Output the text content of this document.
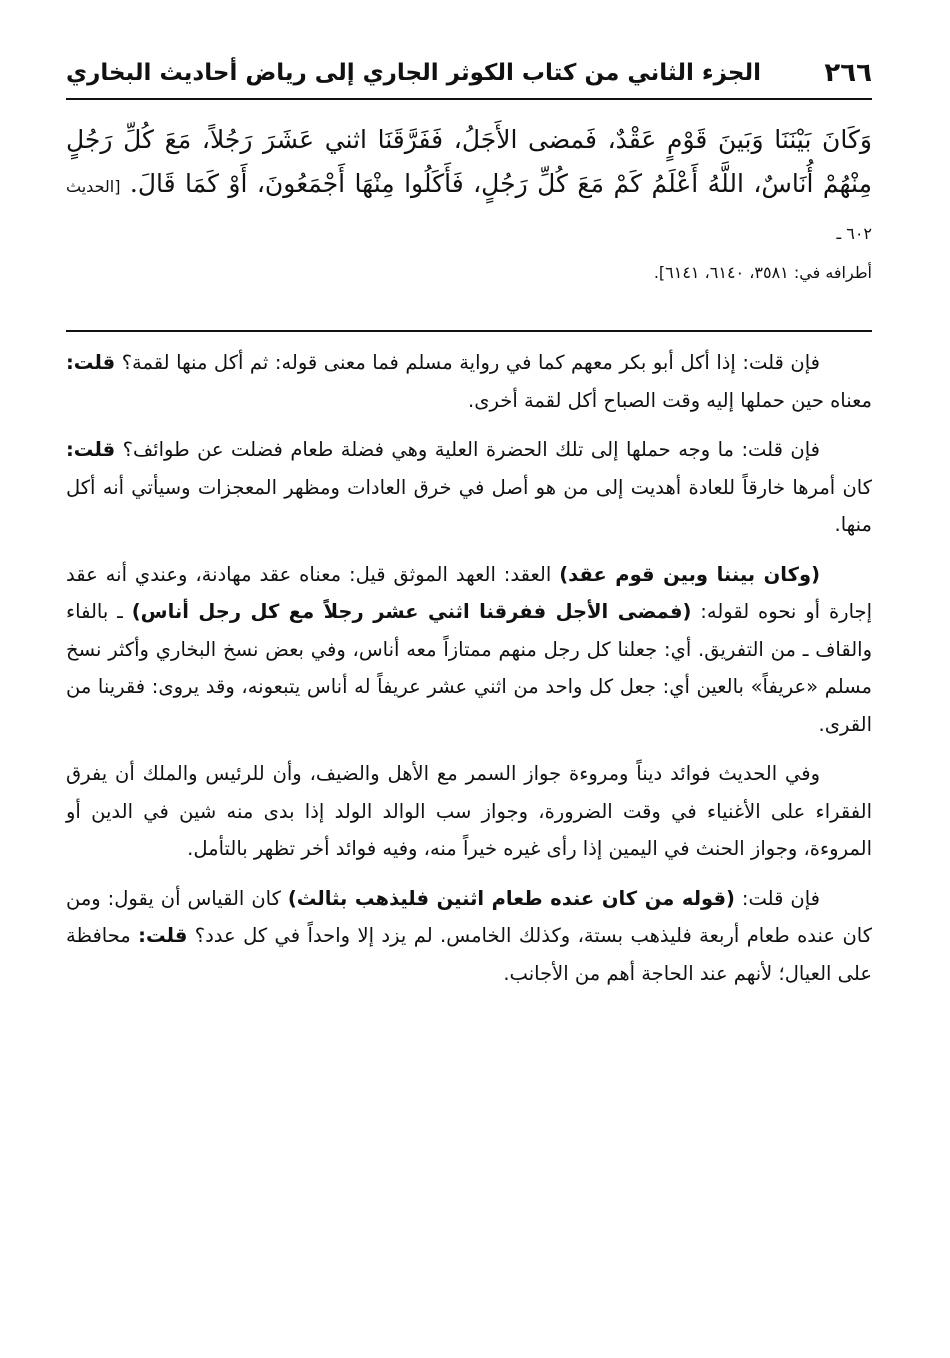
٢٦٦
الجزء الثاني من كتاب الكوثر الجاري إلى رياض أحاديث البخاري
وَكَانَ بَيْنَنَا وَبَينَ قَوْمٍ عَقْدٌ، فَمضى الأَجَلُ، فَفَرَّقَنَا اثني عَشَرَ رَجُلاً، مَعَ كُلِّ رَجُلٍ مِنْهُمْ أُنَاسٌ، اللَّهُ أَعْلَمُ كَمْ مَعَ كُلِّ رَجُلٍ، فَأَكَلُوا مِنْهَا أَجْمَعُونَ، أَوْ كَمَا قَالَ. [الحديث ٦٠٢ ـ
أطرافه في: ٣٥٨١، ٦١٤٠، ٦١٤١].

فإن قلت: إذا أكل أبو بكر معهم كما في رواية مسلم فما معنى قوله: ثم أكل منها لقمة؟ قلت: معناه حين حملها إليه وقت الصباح أكل لقمة أخرى.

فإن قلت: ما وجه حملها إلى تلك الحضرة العلية وهي فضلة طعام فضلت عن طوائف؟ قلت: كان أمرها خارقاً للعادة أهديت إلى من هو أصل في خرق العادات ومظهر المعجزات وسيأتي أنه أكل منها.

(وكان بيننا وبين قوم عقد) العقد: العهد الموثق قيل: معناه عقد مهادنة، وعندي أنه عقد إجارة أو نحوه لقوله: (فمضى الأجل ففرقنا اثني عشر رجلاً مع كل رجل أناس) ـ بالفاء والقاف ـ من التفريق. أي: جعلنا كل رجل منهم ممتازاً معه أناس، وفي بعض نسخ البخاري وأكثر نسخ مسلم «عريفاً» بالعين أي: جعل كل واحد من اثني عشر عريفاً له أناس يتبعونه، وقد يروى: فقرينا من القرى.

وفي الحديث فوائد ديناً ومروءة جواز السمر مع الأهل والضيف، وأن للرئيس والملك أن يفرق الفقراء على الأغنياء في وقت الضرورة، وجواز سب الوالد الولد إذا بدى منه شين في الدين أو المروءة، وجواز الحنث في اليمين إذا رأى غيره خيراً منه، وفيه فوائد أخر تظهر بالتأمل.

فإن قلت: (قوله من كان عنده طعام اثنين فليذهب بثالث) كان القياس أن يقول: ومن كان عنده طعام أربعة فليذهب بستة، وكذلك الخامس. لم يزد إلا واحداً في كل عدد؟ قلت: محافظة على العيال؛ لأنهم عند الحاجة أهم من الأجانب.
